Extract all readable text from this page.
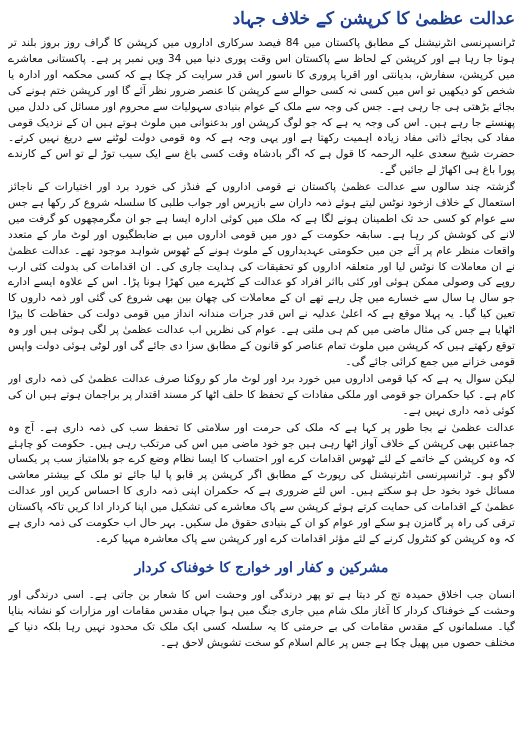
عدالت عظمیٰ کا کرپشن کے خلاف جہاد

ٹرانسپرنسی انٹرنیشنل کے مطابق پاکستان میں 84 فیصد سرکاری اداروں میں کرپشن کا گراف روز بروز بلند تر ہوتا جا رہا ہے اور کرپشن کے لحاظ سے پاکستان اس وقت پوری دنیا میں 34 ویں نمبر پر ہے۔ پاکستانی معاشرے میں کرپشن، سفارش، بدیانتی اور اقربا پروری کا ناسور اس قدر سرایت کر چکا ہے کہ کسی محکمہ اور ادارہ یا شخص کو دیکھیں تو اس میں کسی نہ کسی حوالے سے کرپشن کا عنصر ضرور نظر آئے گا اور کرپشن ختم ہونے کی بجائے بڑھتی ہی جا رہی ہے۔ جس کی وجہ سے ملک کے عوام بنیادی سہولیات سے محروم اور مسائل کی دلدل میں پھنستے جا رہے ہیں۔ اس کی وجہ یہ ہے کہ جو لوگ کرپشن اور بدعنوانی میں ملوث ہوتے ہیں ان کے نزدیک قومی مفاد کی بجائے ذاتی مفاد زیادہ اہمیت رکھتا ہے اور یہی وجہ ہے کہ وہ قومی دولت لوٹنے سے دریغ نہیں کرتے۔ حضرت شیخ سعدی علیہ الرحمہ کا قول ہے کہ اگر بادشاہ وقت کسی باغ سے ایک سیب توڑ لے تو اس کے کارندے پورا باغ ہی اکھاڑ لے جائیں گے۔

گزشتہ چند سالوں سے عدالت عظمیٰ پاکستان نے قومی اداروں کے فنڈز کی خورد برد اور اختیارات کے ناجائز استعمال کے خلاف ازخود نوٹس لیتے ہوئے ذمہ داران سے بازپرس اور جواب طلبی کا سلسلہ شروع کر رکھا ہے جس سے عوام کو کسی حد تک اطمینان ہونے لگا ہے کہ ملک میں کوئی ادارہ ایسا ہے جو ان مگرمچھوں کو گرفت میں لانے کی کوشش کر رہا ہے۔ سابقہ حکومت کے دور میں قومی اداروں میں بے ضابطگیوں اور لوٹ مار کے متعدد واقعات منظر عام پر آئے جن میں حکومتی عہدیداروں کے ملوث ہونے کے ٹھوس شواہد موجود تھے۔ عدالت عظمیٰ نے ان معاملات کا نوٹس لیا اور متعلقہ اداروں کو تحقیقات کی ہدایت جاری کی۔ ان اقدامات کی بدولت کئی ارب روپے کی وصولی ممکن ہوئی اور کئی بااثر افراد کو عدالت کے کٹہرے میں کھڑا ہونا پڑا۔ اس کے علاوہ ایسے ادارے جو سال ہا سال سے خسارے میں چل رہے تھے ان کے معاملات کی چھان بین بھی شروع کی گئی اور ذمہ داروں کا تعین کیا گیا۔ یہ پہلا موقع ہے کہ اعلیٰ عدلیہ نے اس قدر جرات مندانہ انداز میں قومی دولت کی حفاظت کا بیڑا اٹھایا ہے جس کی مثال ماضی میں کم ہی ملتی ہے۔ عوام کی نظریں اب عدالت عظمیٰ پر لگی ہوئی ہیں اور وہ توقع رکھتے ہیں کہ کرپشن میں ملوث تمام عناصر کو قانون کے مطابق سزا دی جائے گی اور لوٹی ہوئی دولت واپس قومی خزانے میں جمع کرائی جائے گی۔

لیکن سوال یہ ہے کہ کیا قومی اداروں میں خورد برد اور لوٹ مار کو روکنا صرف عدالت عظمیٰ کی ذمہ داری اور کام ہے۔ کیا حکمران جو قومی اور ملکی مفادات کے تحفظ کا حلف اٹھا کر مسند اقتدار پر براجمان ہوتے ہیں ان کی کوئی ذمہ داری نہیں ہے۔

عدالت عظمیٰ نے بجا طور پر کہا ہے کہ ملک کی حرمت اور سلامتی کا تحفظ سب کی ذمہ داری ہے۔ آج وہ جماعتیں بھی کرپشن کے خلاف آواز اٹھا رہی ہیں جو خود ماضی میں اس کی مرتکب رہی ہیں۔ حکومت کو چاہئے کہ وہ کرپشن کے خاتمے کے لئے ٹھوس اقدامات کرے اور احتساب کا ایسا نظام وضع کرے جو بلاامتیاز سب پر یکساں لاگو ہو۔ ٹرانسپرنسی انٹرنیشنل کی رپورٹ کے مطابق اگر کرپشن پر قابو پا لیا جائے تو ملک کے بیشتر معاشی مسائل خود بخود حل ہو سکتے ہیں۔ اس لئے ضروری ہے کہ حکمران اپنی ذمہ داری کا احساس کریں اور عدالت عظمیٰ کے اقدامات کی حمایت کرتے ہوئے کرپشن سے پاک معاشرے کی تشکیل میں اپنا کردار ادا کریں تاکہ پاکستان ترقی کی راہ پر گامزن ہو سکے اور عوام کو ان کے بنیادی حقوق مل سکیں۔ بہر حال اب حکومت کی ذمہ داری ہے کہ وہ کرپشن کو کنٹرول کرنے کے لئے مؤثر اقدامات کرے اور کرپشن سے پاک معاشرہ مہیا کرے۔

مشرکین و کفار اور خوارج کا خوفناک کردار

انسان جب اخلاق حمیدہ تج کر دیتا ہے تو پھر درندگی اور وحشت اس کا شعار بن جاتی ہے۔ اسی درندگی اور وحشت کے خوفناک کردار کا آغاز ملک شام میں جاری جنگ میں ہوا جہاں مقدس مقامات اور مزارات کو نشانہ بنایا گیا۔ مسلمانوں کے مقدس مقامات کی بے حرمتی کا یہ سلسلہ کسی ایک ملک تک محدود نہیں رہا بلکہ دنیا کے مختلف حصوں میں پھیل چکا ہے جس پر عالم اسلام کو سخت تشویش لاحق ہے۔
